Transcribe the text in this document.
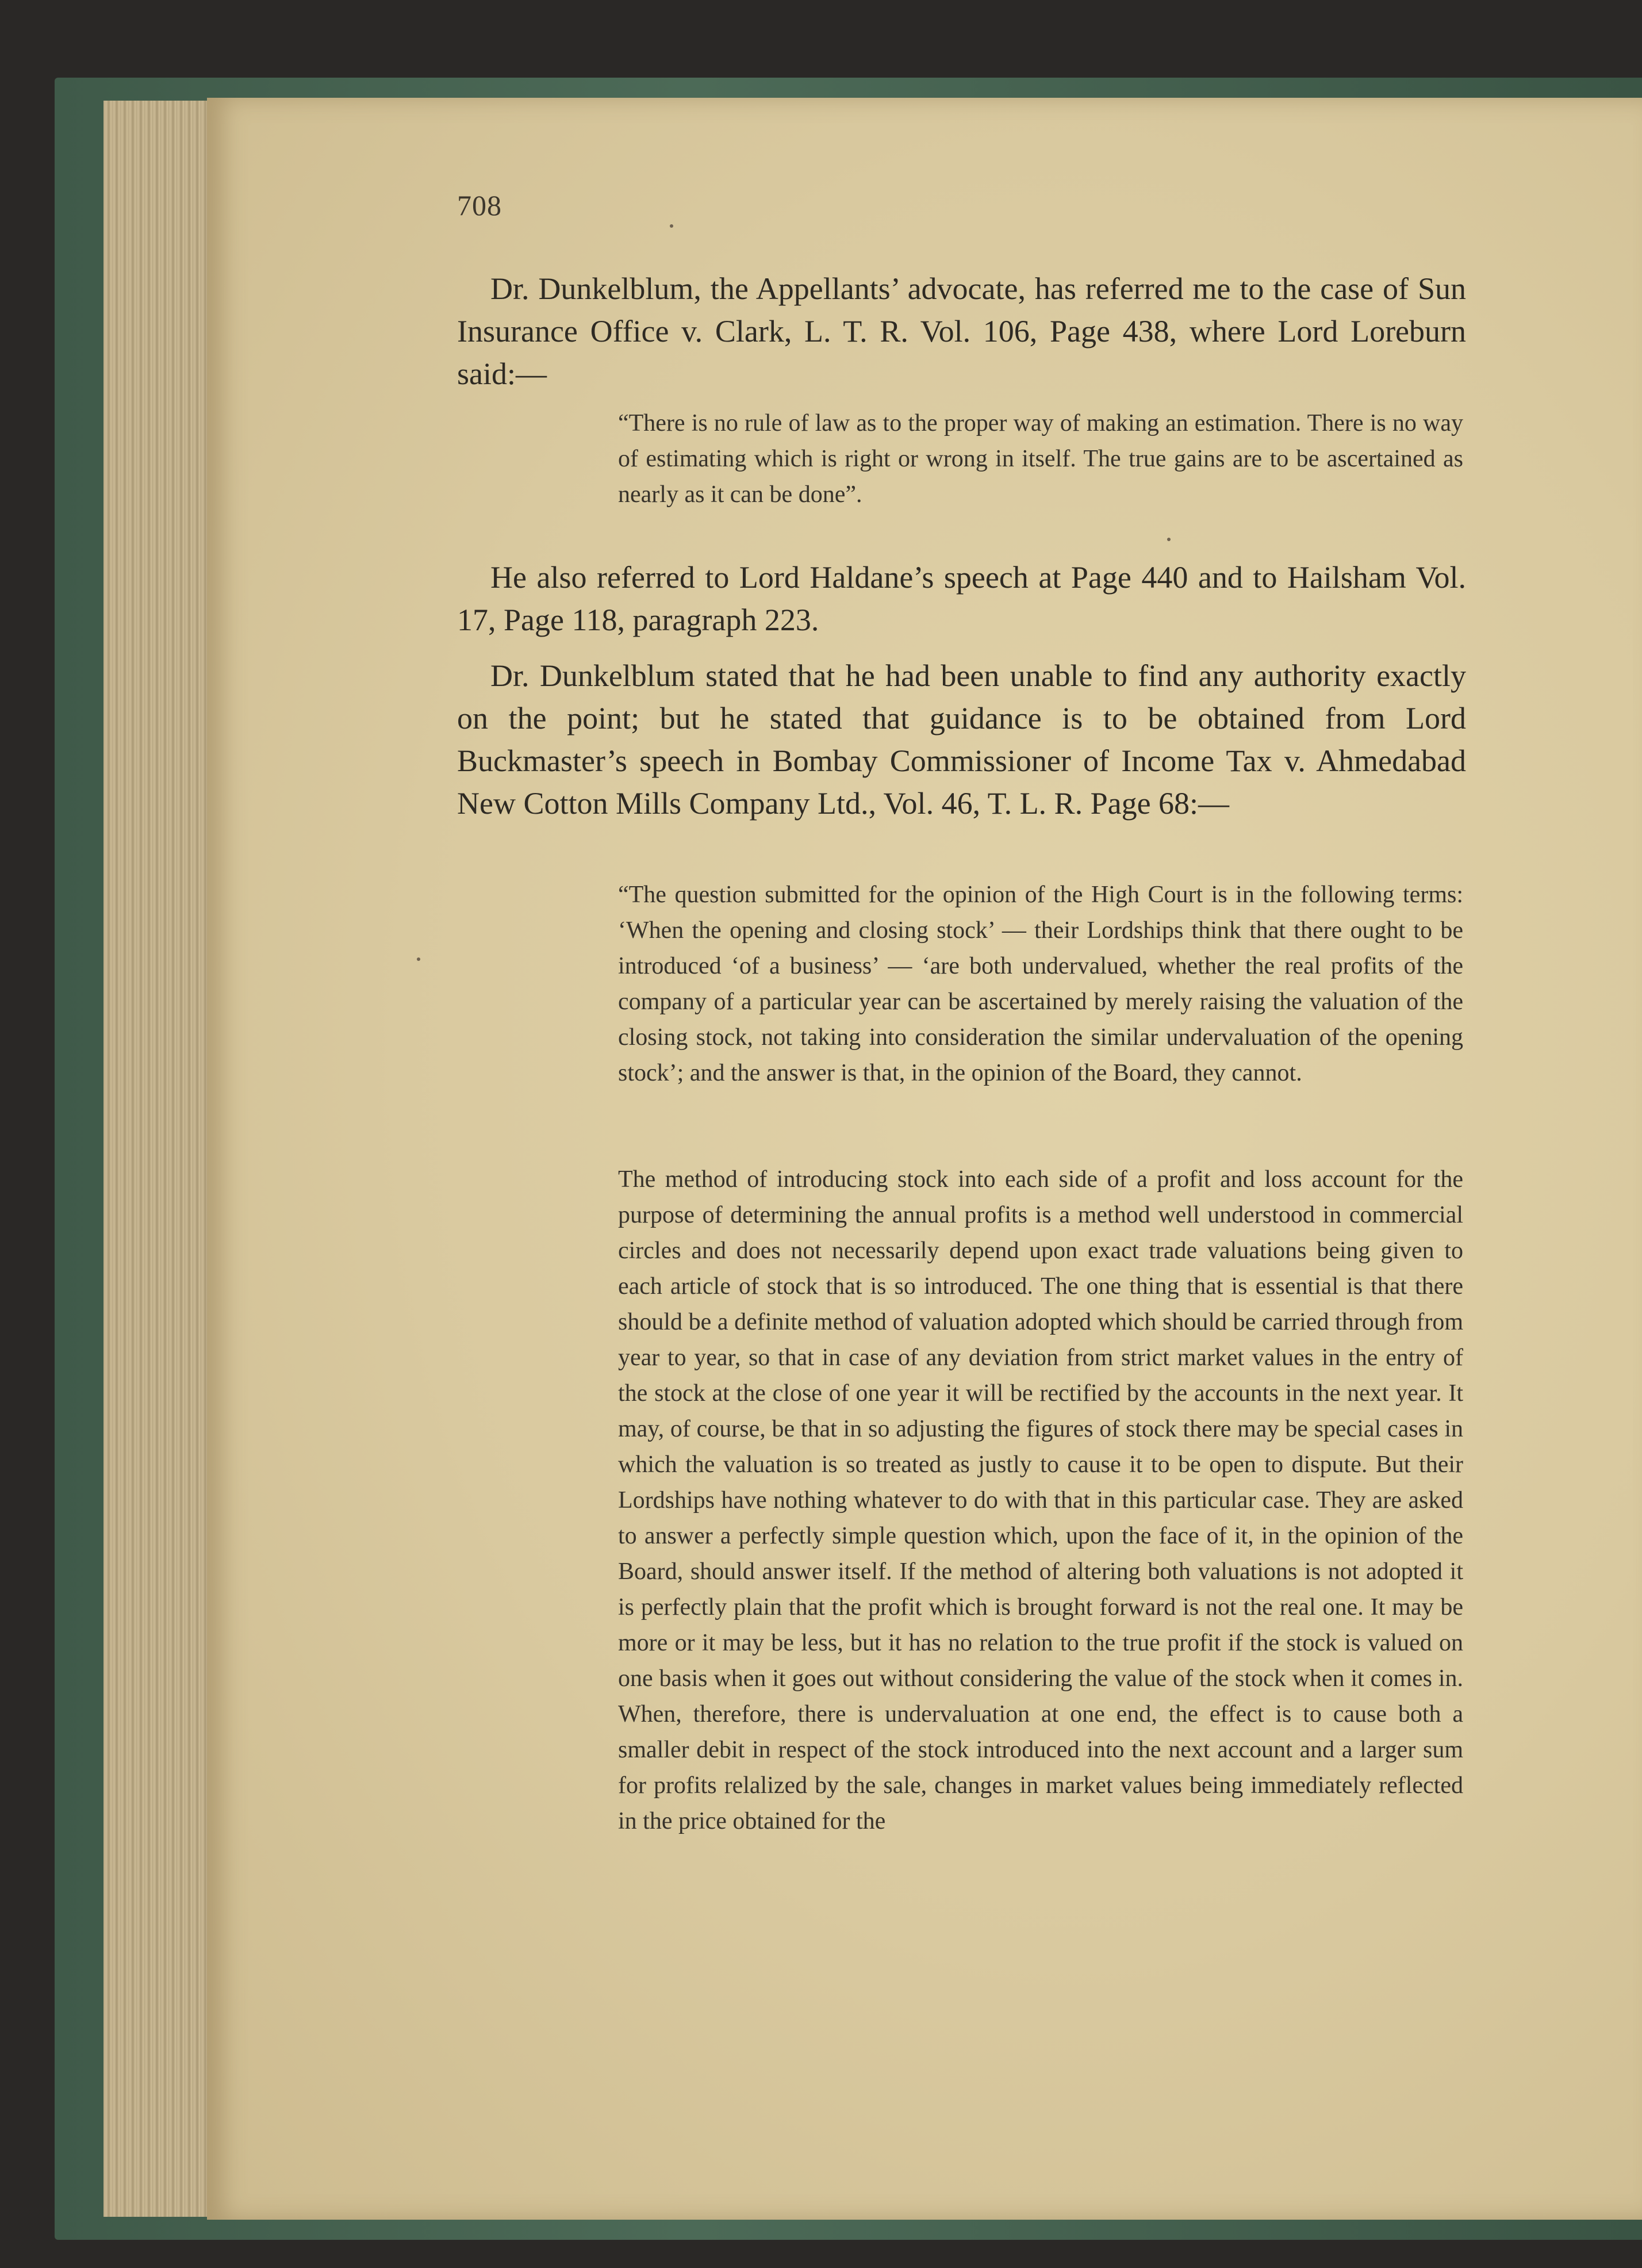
708

Dr. Dunkelblum, the Appellants’ advocate, has referred me to the case of Sun Insurance Office v. Clark, L. T. R. Vol. 106, Page 438, where Lord Loreburn said:—

“There is no rule of law as to the proper way of making an estimation. There is no way of estimating which is right or wrong in itself. The true gains are to be ascertained as nearly as it can be done”.

He also referred to Lord Haldane’s speech at Page 440 and to Hailsham Vol. 17, Page 118, paragraph 223.

Dr. Dunkelblum stated that he had been unable to find any authority exactly on the point; but he stated that guidance is to be obtained from Lord Buckmaster’s speech in Bombay Commissioner of Income Tax v. Ahmedabad New Cotton Mills Company Ltd., Vol. 46, T. L. R. Page 68:—

“The question submitted for the opinion of the High Court is in the following terms: ‘When the opening and closing stock’ — their Lordships think that there ought to be introduced ‘of a business’ — ‘are both undervalued, whether the real profits of the company of a particular year can be ascertained by merely raising the valuation of the closing stock, not taking into consideration the similar undervaluation of the opening stock’; and the answer is that, in the opinion of the Board, they cannot.

The method of introducing stock into each side of a profit and loss account for the purpose of determining the annual profits is a method well understood in commercial circles and does not necessarily depend upon exact trade valuations being given to each article of stock that is so introduced. The one thing that is essential is that there should be a definite method of valuation adopted which should be carried through from year to year, so that in case of any deviation from strict market values in the entry of the stock at the close of one year it will be rectified by the accounts in the next year. It may, of course, be that in so adjusting the figures of stock there may be special cases in which the valuation is so treated as justly to cause it to be open to dispute. But their Lordships have nothing whatever to do with that in this particular case. They are asked to answer a perfectly simple question which, upon the face of it, in the opinion of the Board, should answer itself. If the method of altering both valuations is not adopted it is perfectly plain that the profit which is brought forward is not the real one. It may be more or it may be less, but it has no relation to the true profit if the stock is valued on one basis when it goes out without considering the value of the stock when it comes in. When, therefore, there is undervaluation at one end, the effect is to cause both a smaller debit in respect of the stock introduced into the next account and a larger sum for profits relalized by the sale, changes in market values being immediately reflected in the price obtained for the
